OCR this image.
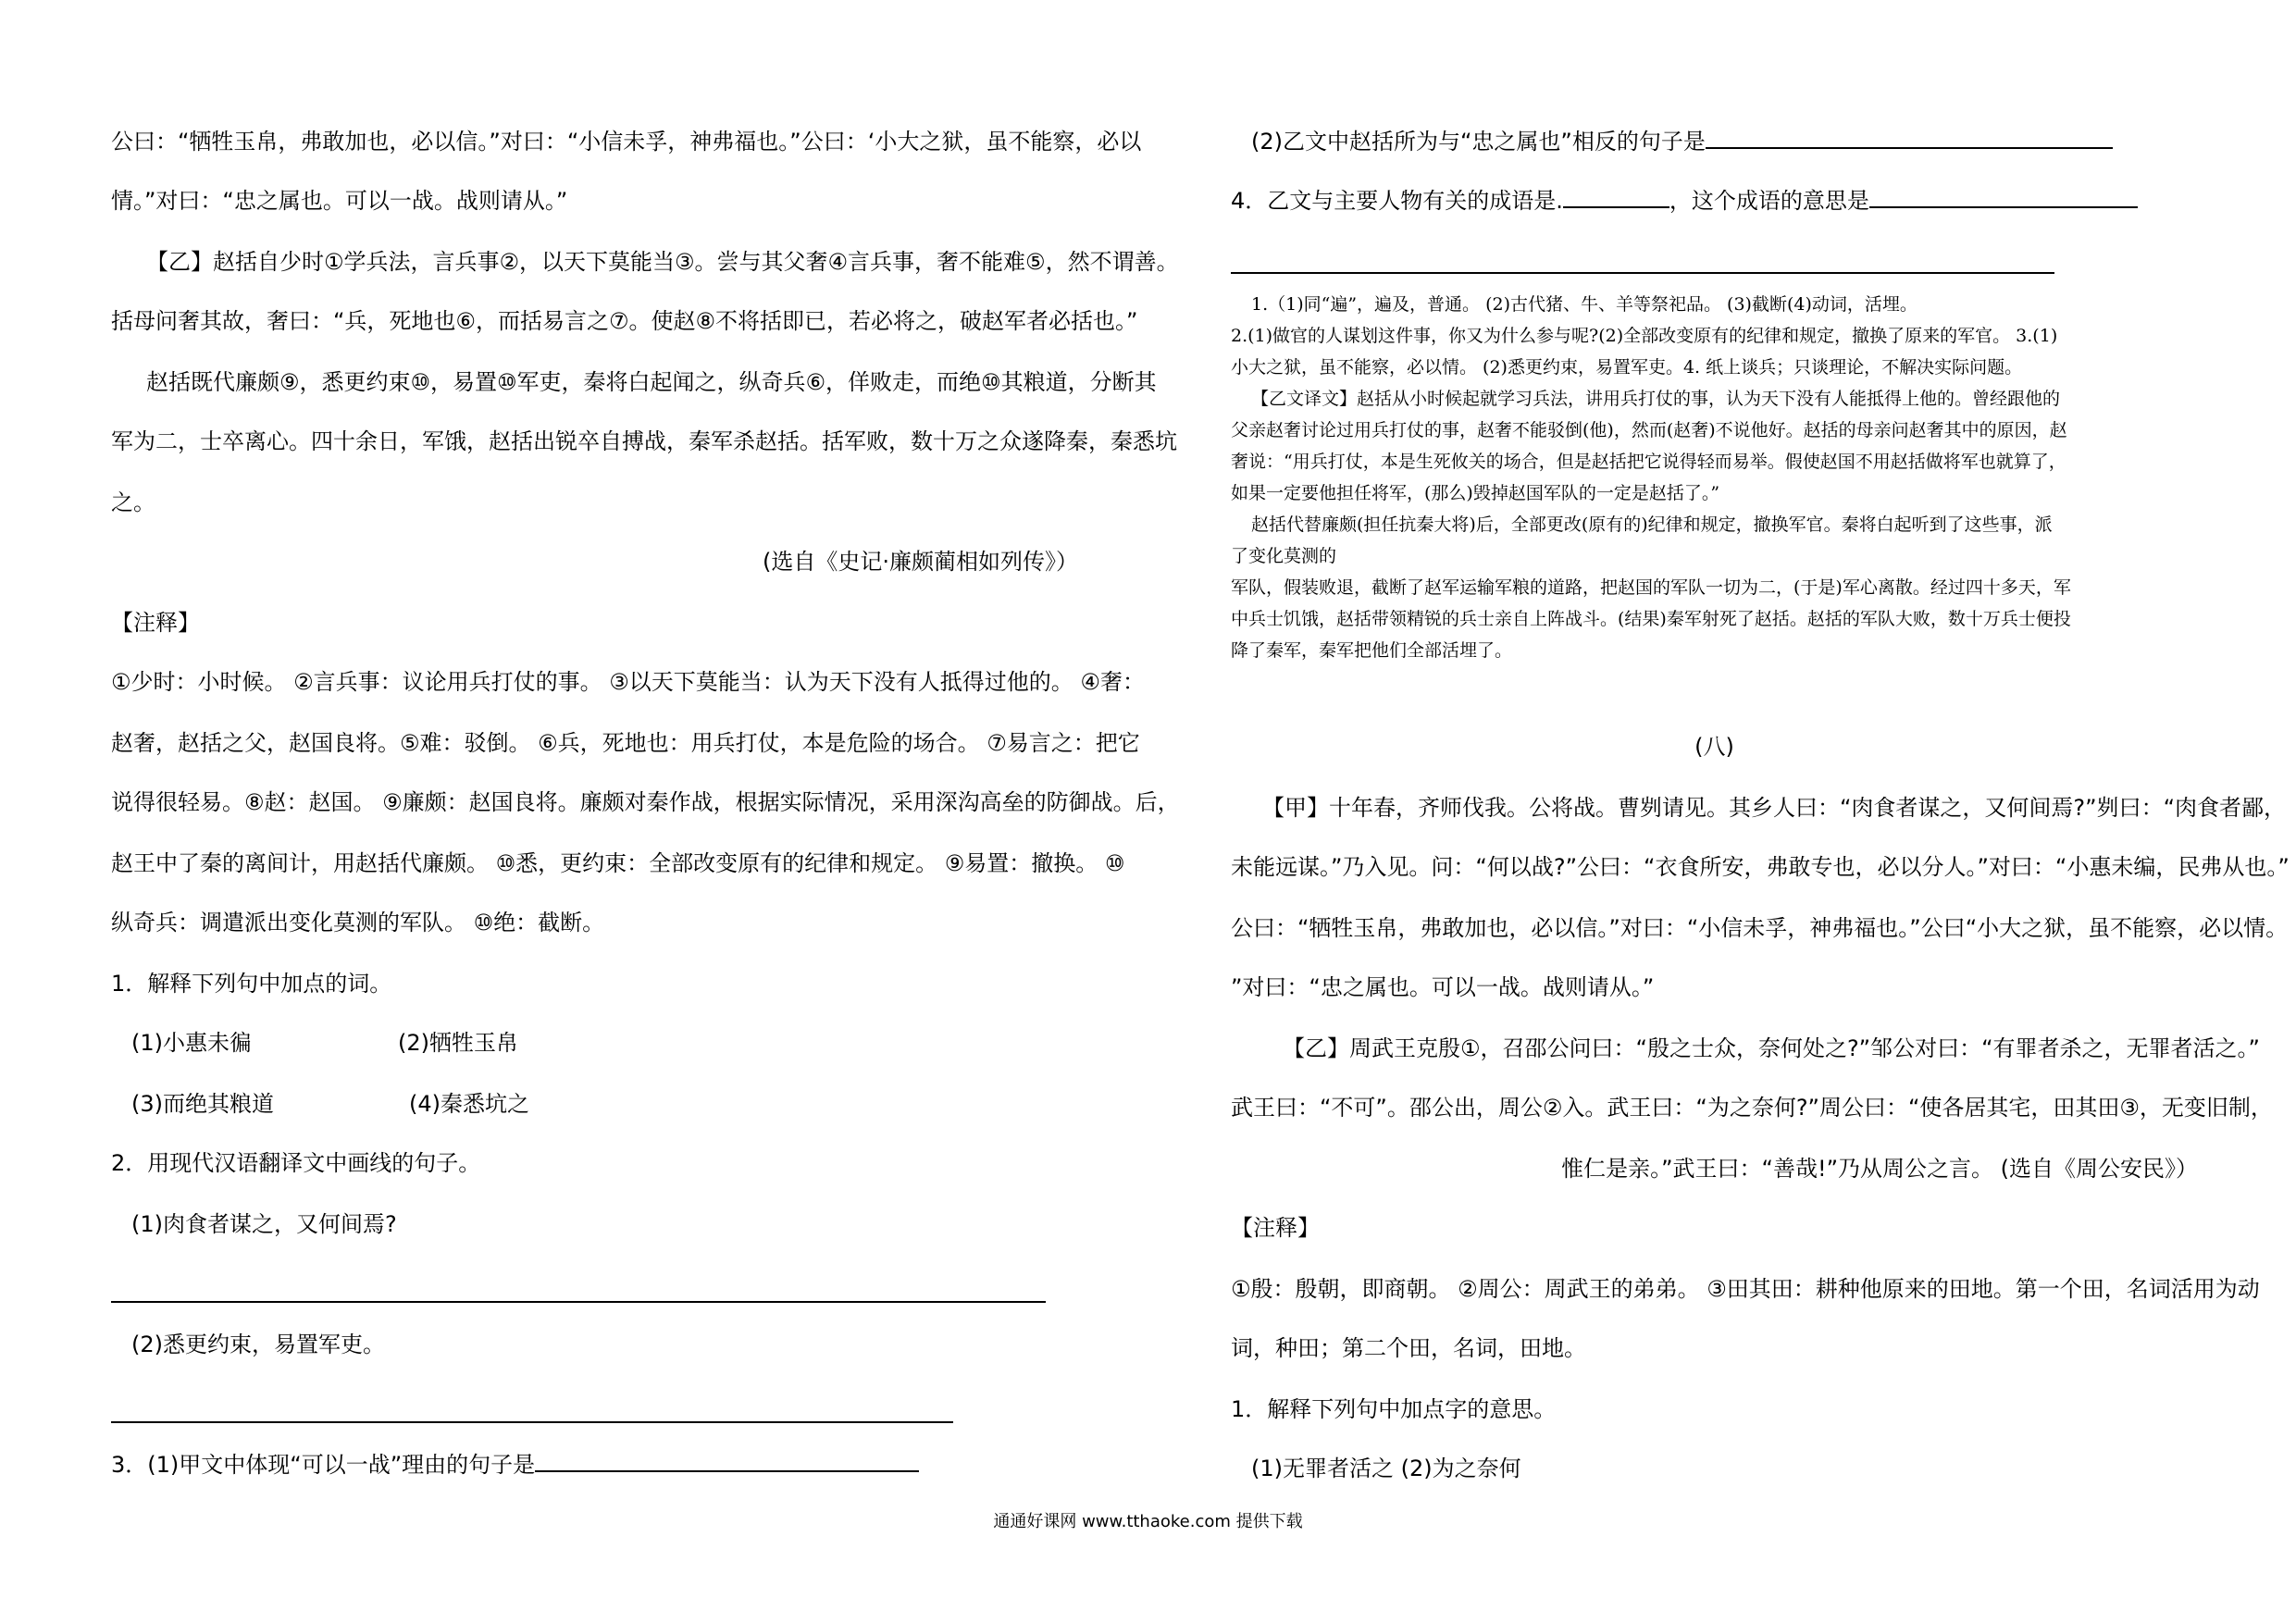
公曰：“牺牲玉帛，弗敢加也，必以信。”对曰：“小信未孚，神弗福也。”公曰：‘小大之狱，虽不能察，必以
情。”对曰：“忠之属也。可以一战。战则请从。”
【乙】赵括自少时①学兵法，言兵事②，以天下莫能当③。尝与其父奢④言兵事，奢不能难⑤，然不谓善。
括母问奢其故，奢曰：“兵，死地也⑥，而括易言之⑦。使赵⑧不将括即已，若必将之，破赵军者必括也。”
赵括既代廉颇⑨，悉更约束⑩，易置⑩军吏，秦将白起闻之，纵奇兵⑥，佯败走，而绝⑩其粮道，分断其
军为二，士卒离心。四十余日，军饿，赵括出锐卒自搏战，秦军杀赵括。括军败，数十万之众遂降秦，秦悉坑
之。
(选自《史记·廉颇蔺相如列传》）
【注释】
①少时：小时候。 ②言兵事：议论用兵打仗的事。 ③以天下莫能当：认为天下没有人抵得过他的。 ④奢：
赵奢，赵括之父，赵国良将。⑤难：驳倒。 ⑥兵，死地也：用兵打仗，本是危险的场合。 ⑦易言之：把它
说得很轻易。⑧赵：赵国。 ⑨廉颇：赵国良将。廉颇对秦作战，根据实际情况，采用深沟高垒的防御战。后，
赵王中了秦的离间计，用赵括代廉颇。 ⑩悉，更约束：全部改变原有的纪律和规定。 ⑨易置：撤换。 ⑩
纵奇兵：调遣派出变化莫测的军队。 ⑩绝：截断。
1．解释下列句中加点的词。
(1)小惠未徧	(2)牺牲玉帛
(3)而绝其粮道	(4)秦悉坑之
2．用现代汉语翻译文中画线的句子。
(1)肉食者谋之，又何间焉?
(2)悉更约束，易置军吏。
3．(1)甲文中体现“可以一战”理由的句子是
(2)乙文中赵括所为与“忠之属也”相反的句子是
4．乙文与主要人物有关的成语是.	，这个成语的意思是
1.（1)同“遍”，遍及，普通。 (2)古代猪、牛、羊等祭祀品。 (3)截断(4)动词，活埋。
2.(1)做官的人谋划这件事，你又为什么参与呢?(2)全部改变原有的纪律和规定，撤换了原来的军官。 3.(1)
小大之狱，虽不能察，必以情。 (2)悉更约束，易置军吏。4. 纸上谈兵；只谈理论，不解决实际问题。
【乙文译文】赵括从小时候起就学习兵法，讲用兵打仗的事，认为天下没有人能抵得上他的。曾经跟他的
父亲赵奢讨论过用兵打仗的事，赵奢不能驳倒(他)，然而(赵奢)不说他好。赵括的母亲问赵奢其中的原因，赵
奢说：“用兵打仗，本是生死攸关的场合，但是赵括把它说得轻而易举。假使赵国不用赵括做将军也就算了，
如果一定要他担任将军，(那么)毁掉赵国军队的一定是赵括了。”
赵括代替廉颇(担任抗秦大将)后，全部更改(原有的)纪律和规定，撤换军官。秦将白起听到了这些事，派
了变化莫测的
军队，假装败退，截断了赵军运输军粮的道路，把赵国的军队一切为二，(于是)军心离散。经过四十多天，军
中兵士饥饿，赵括带领精锐的兵士亲自上阵战斗。(结果)秦军射死了赵括。赵括的军队大败，数十万兵士便投
降了秦军，秦军把他们全部活埋了。
(八)
【甲】十年春，齐师伐我。公将战。曹刿请见。其乡人曰：“肉食者谋之，又何间焉?”刿曰：“肉食者鄙，
未能远谋。”乃入见。问：“何以战?”公曰：“衣食所安，弗敢专也，必以分人。”对曰：“小惠未编，民弗从也。”
公曰：“牺牲玉帛，弗敢加也，必以信。”对曰：“小信未孚，神弗福也。”公曰“小大之狱，虽不能察，必以情。
”对曰：“忠之属也。可以一战。战则请从。”
【乙】周武王克殷①，召邵公问曰：“殷之士众，奈何处之?”邹公对曰：“有罪者杀之，无罪者活之。”
武王曰：“不可”。邵公出，周公②入。武王曰：“为之奈何?”周公曰：“使各居其宅，田其田③，无变旧制，
惟仁是亲。”武王曰：“善哉!”乃从周公之言。 (选自《周公安民》）
【注释】
①殷：殷朝，即商朝。 ②周公：周武王的弟弟。 ③田其田：耕种他原来的田地。第一个田，名词活用为动
词，种田；第二个田，名词，田地。
1．解释下列句中加点字的意思。
(1)无罪者活之 (2)为之奈何
通通好课网 www.tthaoke.com 提供下载
